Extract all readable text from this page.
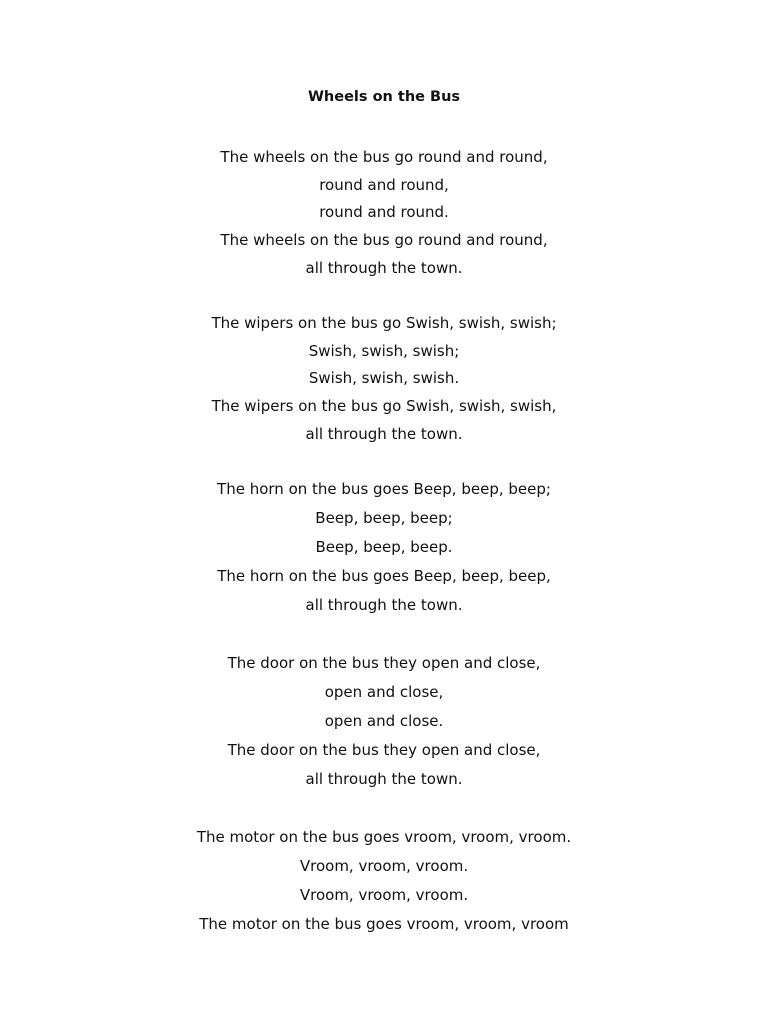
Wheels on the Bus
The wheels on the bus go round and round,
round and round,
round and round.
The wheels on the bus go round and round,
all through the town.
The wipers on the bus go Swish, swish, swish;
Swish, swish, swish;
Swish, swish, swish.
The wipers on the bus go Swish, swish, swish,
all through the town.
The horn on the bus goes Beep, beep, beep;
Beep, beep, beep;
Beep, beep, beep.
The horn on the bus goes Beep, beep, beep,
all through the town.
The door on the bus they open and close,
open and close,
open and close.
The door on the bus they open and close,
all through the town.
The motor on the bus goes vroom, vroom, vroom.
Vroom, vroom, vroom.
Vroom, vroom, vroom.
The motor on the bus goes vroom, vroom, vroom
